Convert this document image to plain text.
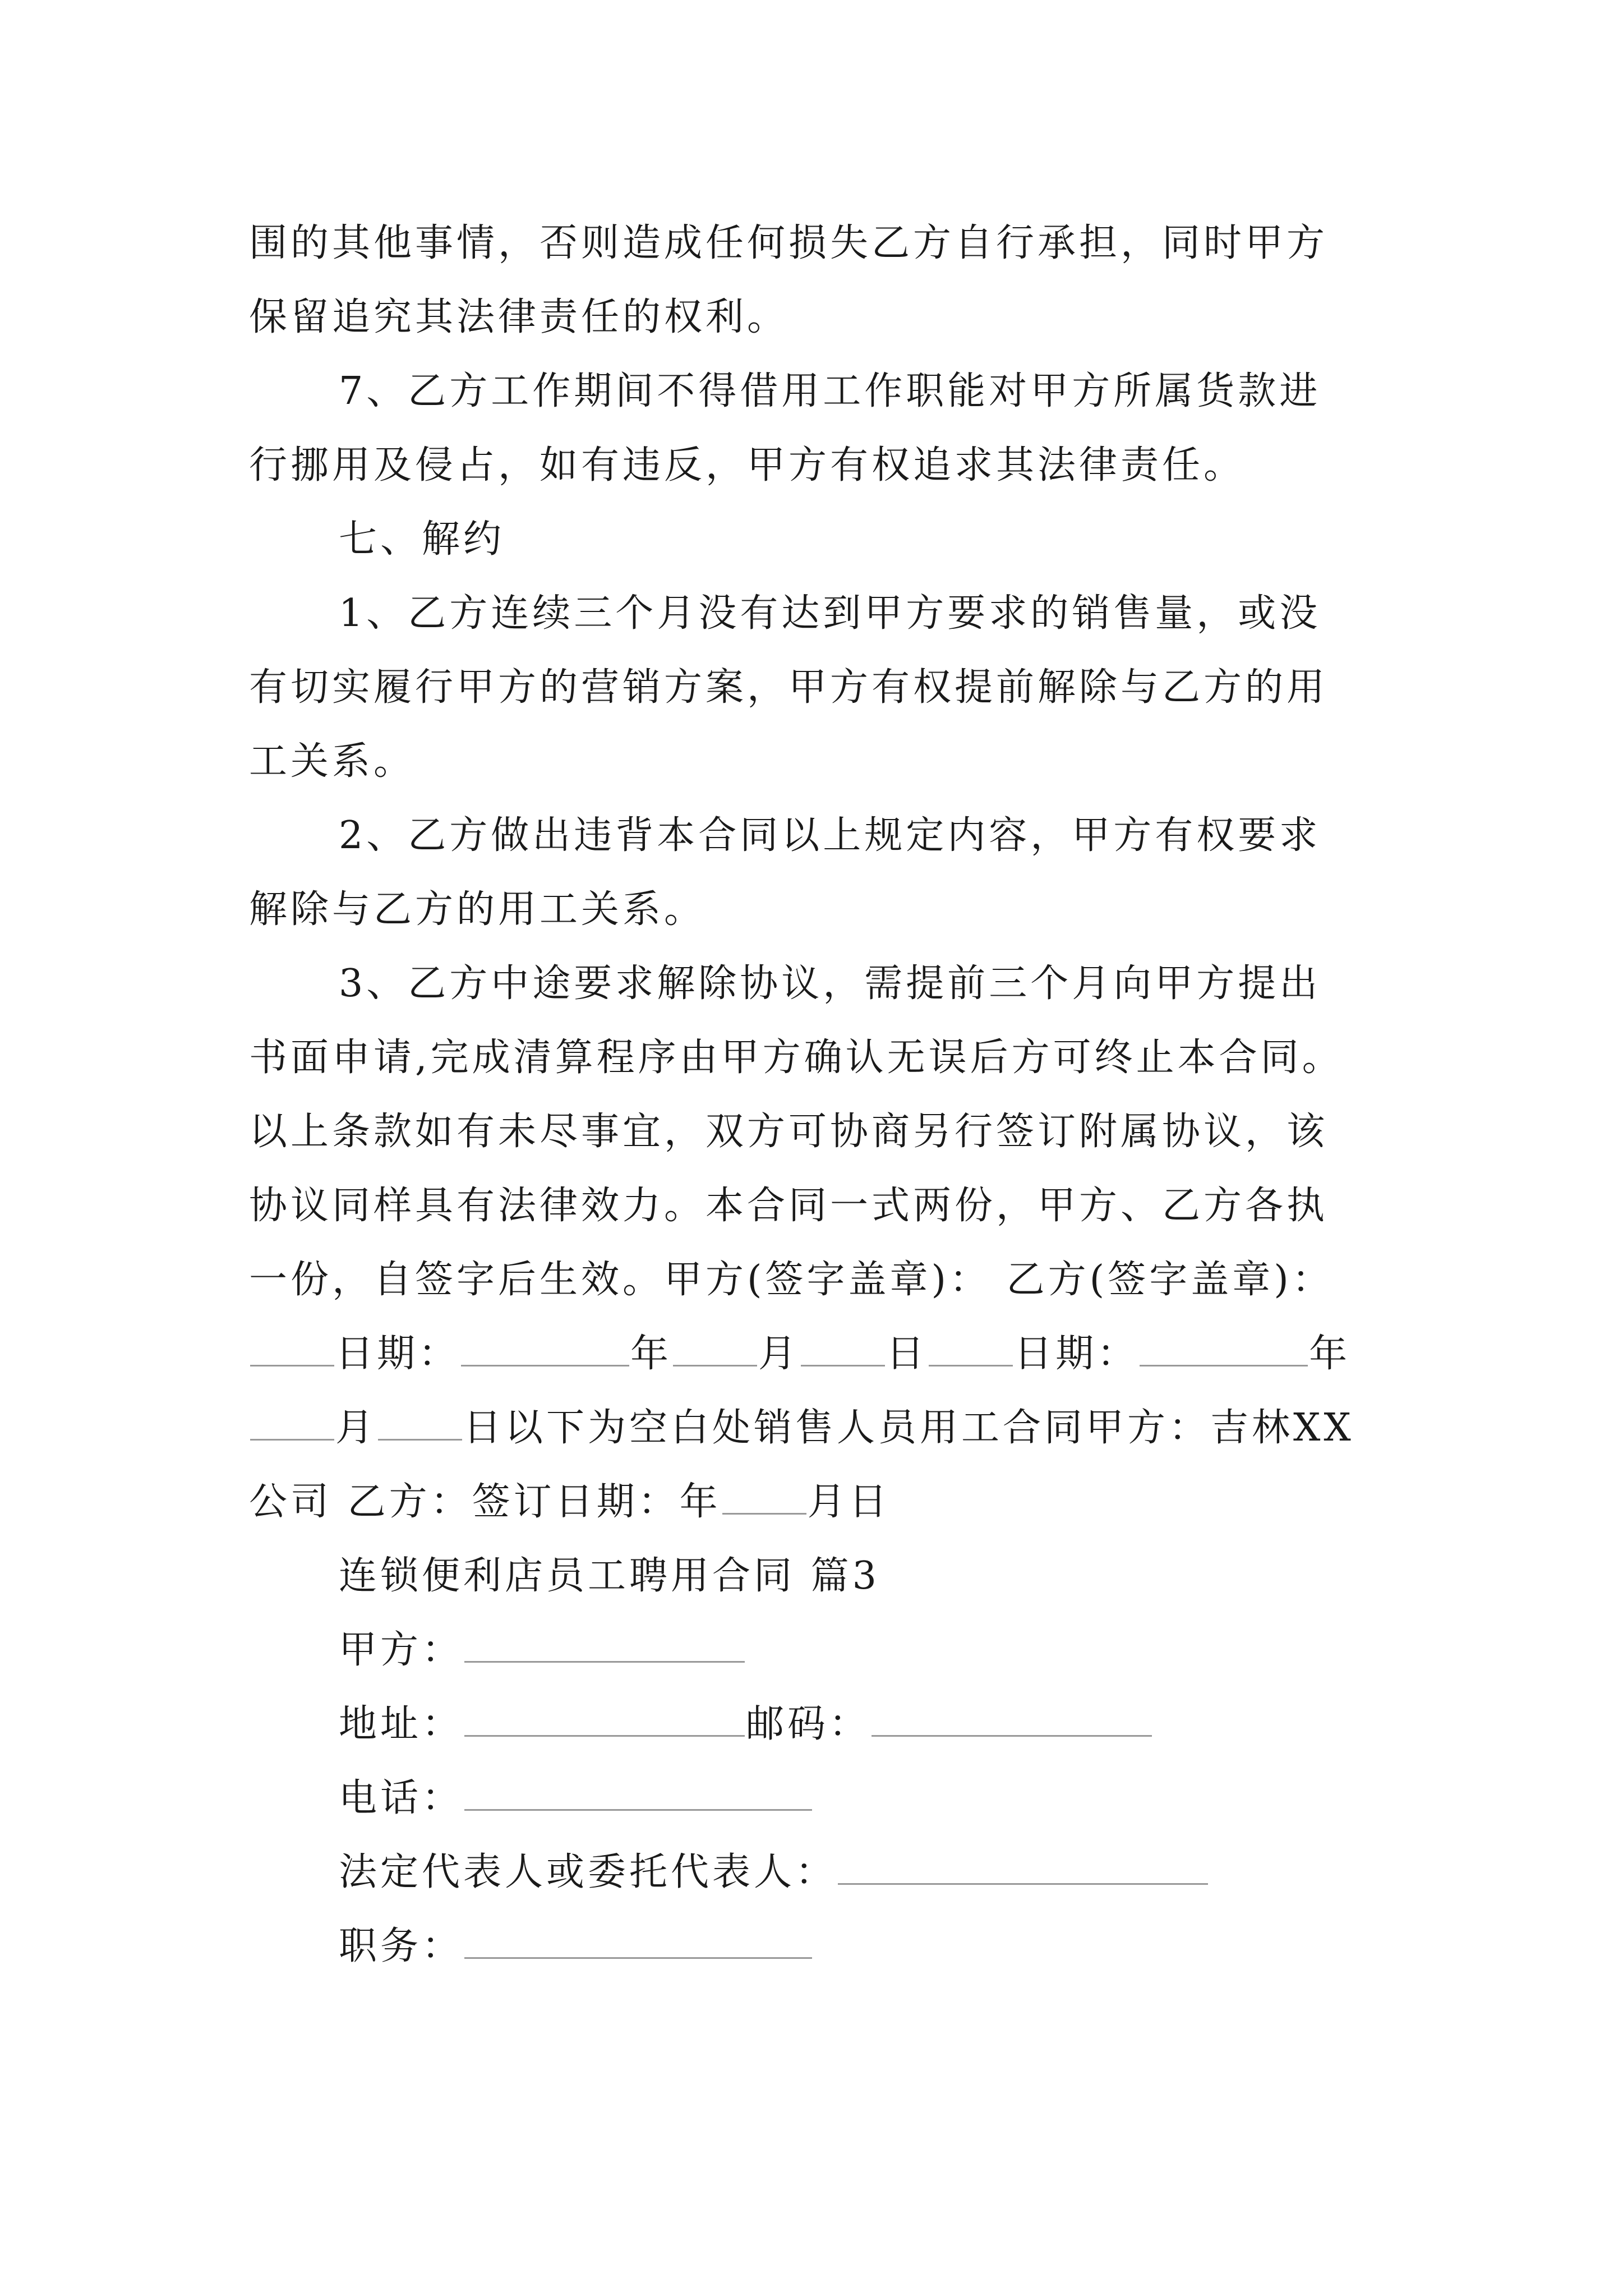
围的其他事情，否则造成任何损失乙方自行承担，同时甲方
保留追究其法律责任的权利。
7、乙方工作期间不得借用工作职能对甲方所属货款进
行挪用及侵占，如有违反，甲方有权追求其法律责任。
七、解约
1、乙方连续三个月没有达到甲方要求的销售量，或没
有切实履行甲方的营销方案，甲方有权提前解除与乙方的用
工关系。
2、乙方做出违背本合同以上规定内容，甲方有权要求
解除与乙方的用工关系。
3、乙方中途要求解除协议，需提前三个月向甲方提出
书面申请,完成清算程序由甲方确认无误后方可终止本合同。
以上条款如有未尽事宜，双方可协商另行签订附属协议，该
协议同样具有法律效力。本合同一式两份，甲方、乙方各执
一份，自签字后生效。甲方(签字盖章)： 乙方(签字盖章)：
日期：	年 月 日 日期：	年
月 日以下为空白处销售人员用工合同甲方：吉林XX
公司 乙方：签订日期：年 月日
连锁便利店员工聘用合同 篇3
甲方：
地址：	邮码：
电话：
法定代表人或委托代表人：
职务：
